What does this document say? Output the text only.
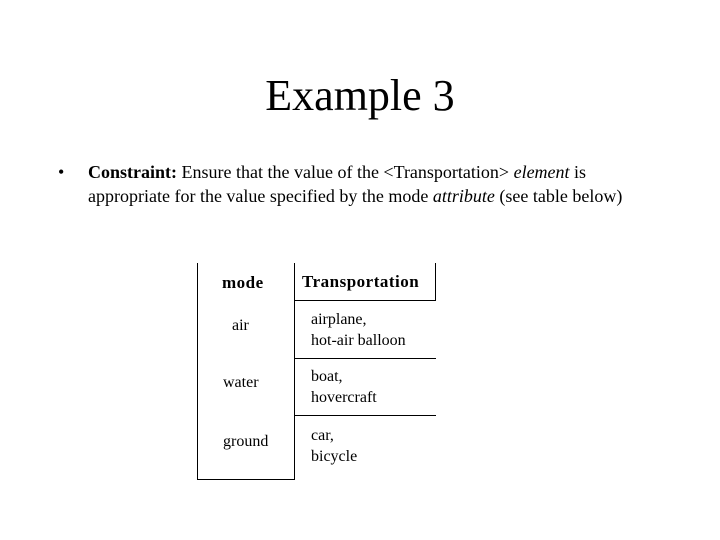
Example 3
• Constraint: Ensure that the value of the <Transportation> element is appropriate for the value specified by the mode attribute (see table below)
mode Transportation
air	airplane,
hot-air balloon
water	boat,
hovercraft
ground	car,
bicycle
